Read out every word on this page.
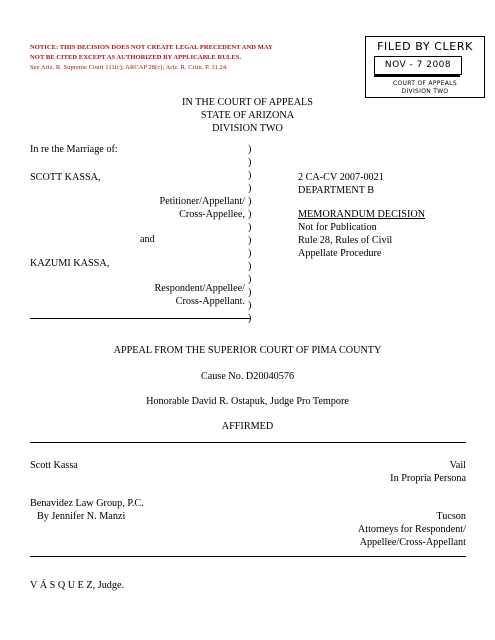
NOTICE: THIS DECISION DOES NOT CREATE LEGAL PRECEDENT AND MAY
NOT BE CITED EXCEPT AS AUTHORIZED BY APPLICABLE RULES.
See Ariz. R. Supreme Court 111(c); ARCAP 28(c); Ariz. R. Crim. P. 31.24.
FILED BY CLERK
NOV - 7 2008
COURT OF APPEALS
DIVISION TWO
IN THE COURT OF APPEALS
STATE OF ARIZONA
DIVISION TWO
In re the Marriage of:
SCOTT KASSA,
Petitioner/Appellant/
Cross-Appellee,
and
KAZUMI KASSA,
Respondent/Appellee/
Cross-Appellant.
)
)
)
)
)
)
)
)
)
)
)
)
)
)
2 CA-CV 2007-0021
DEPARTMENT B
MEMORANDUM DECISION
Not for Publication
Rule 28, Rules of Civil
Appellate Procedure
APPEAL FROM THE SUPERIOR COURT OF PIMA COUNTY
Cause No. D20040576
Honorable David R. Ostapuk, Judge Pro Tempore
AFFIRMED
Scott Kassa	Vail
In Propria Persona
Benavidez Law Group, P.C.
By Jennifer N. Manzi	Tucson
Attorneys for Respondent/
Appellee/Cross-Appellant
V Á S Q U E Z, Judge.
